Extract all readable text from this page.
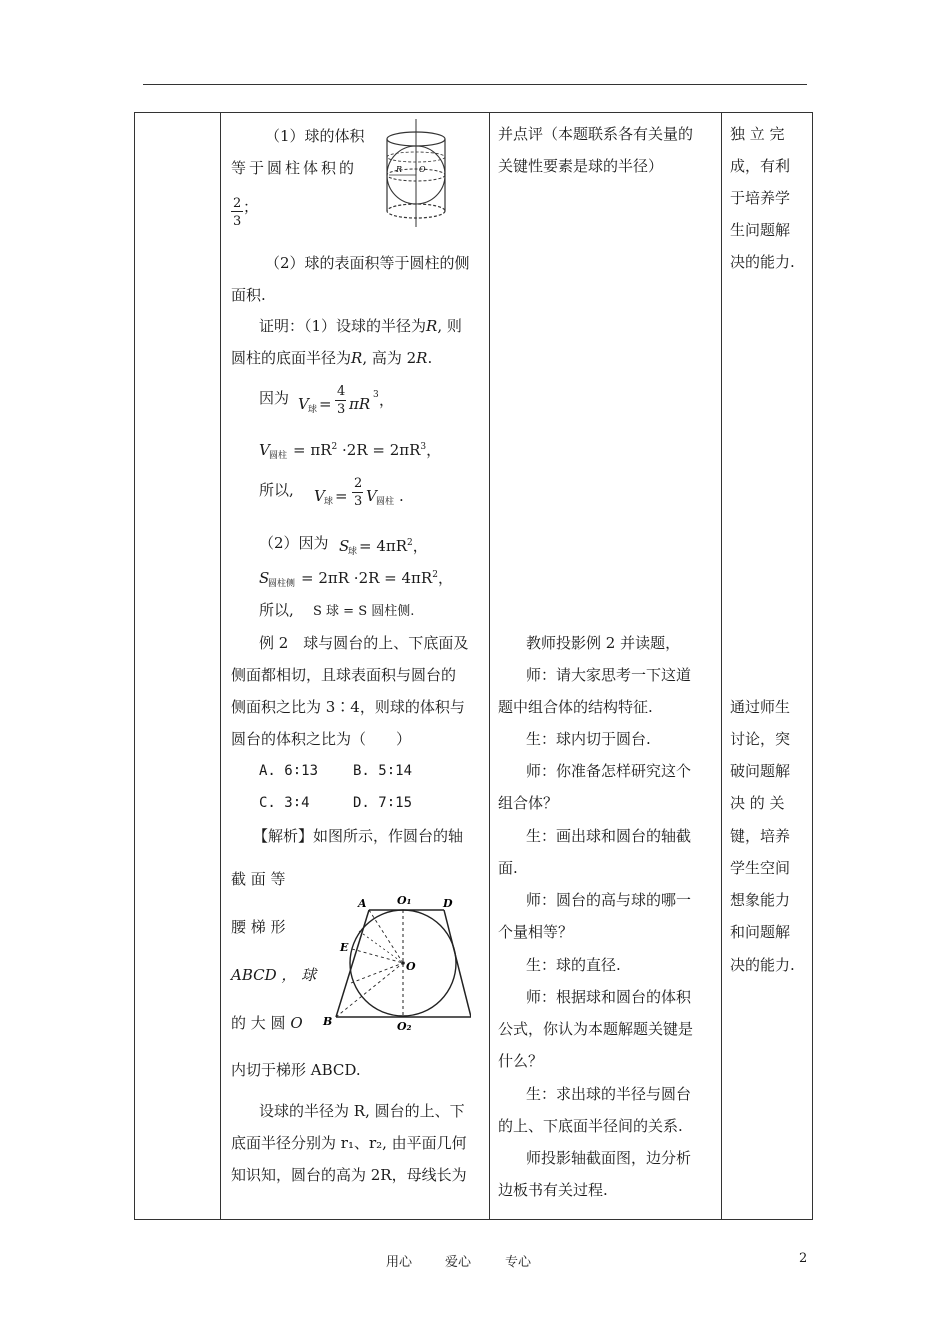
（1）球的体积
等于圆柱体积的
2
3
；
R O
（2）球的表面积等于圆柱的侧
面积.
证明：（1）设球的半径为R, 则
圆柱的底面半径为R, 高为 2R.
因为 V 球 =
4
3 πR 3 ，
V 圆柱 = $\pi R^2 \cdot 2R = 2\pi R^3$，
所以, V 球 =
2
3 V 圆柱 .
（2）因为 S
球 = $4\pi R^2$，
S
圆柱侧 = $2\pi R \cdot 2R = 4\pi R^2$，
所以, S 球 = S 圆柱侧.
例 2　球与圆台的上、下底面及
侧面都相切，且球表面积与圆台的
侧面积之比为 3∶4，则球的体积与
圆台的体积之比为（　　）
A. 6∶13 B. 5∶14
C. 3∶4	D. 7∶15
【解析】如图所示，作圆台的轴
截 面 等
腰 梯 形
ABCD ， 球
的 大 圆 O
内切于梯形 ABCD.
A	O₁	D
E
O
B	O₂
设球的半径为 R, 圆台的上、下
底面半径分别为 r₁、r₂, 由平面几何
知识知，圆台的高为 2R，母线长为

并点评（本题联系各有关量的
关键性要素是球的半径）
教师投影例 2 并读题，
师：请大家思考一下这道
题中组合体的结构特征.
生：球内切于圆台.
师：你准备怎样研究这个
组合体？
生：画出球和圆台的轴截
面.
师：圆台的高与球的哪一
个量相等？
生：球的直径.
师：根据球和圆台的体积
公式，你认为本题解题关键是
什么？
生：求出球的半径与圆台
的上、下底面半径间的关系.
师投影轴截面图，边分析
边板书有关过程.

独 立 完
成，有利
于培养学
生问题解
决的能力.
通过师生
讨论，突
破问题解
决 的 关
键，培养
学生空间
想象能力
和问题解
决的能力.
用心	爱心	专心	2
